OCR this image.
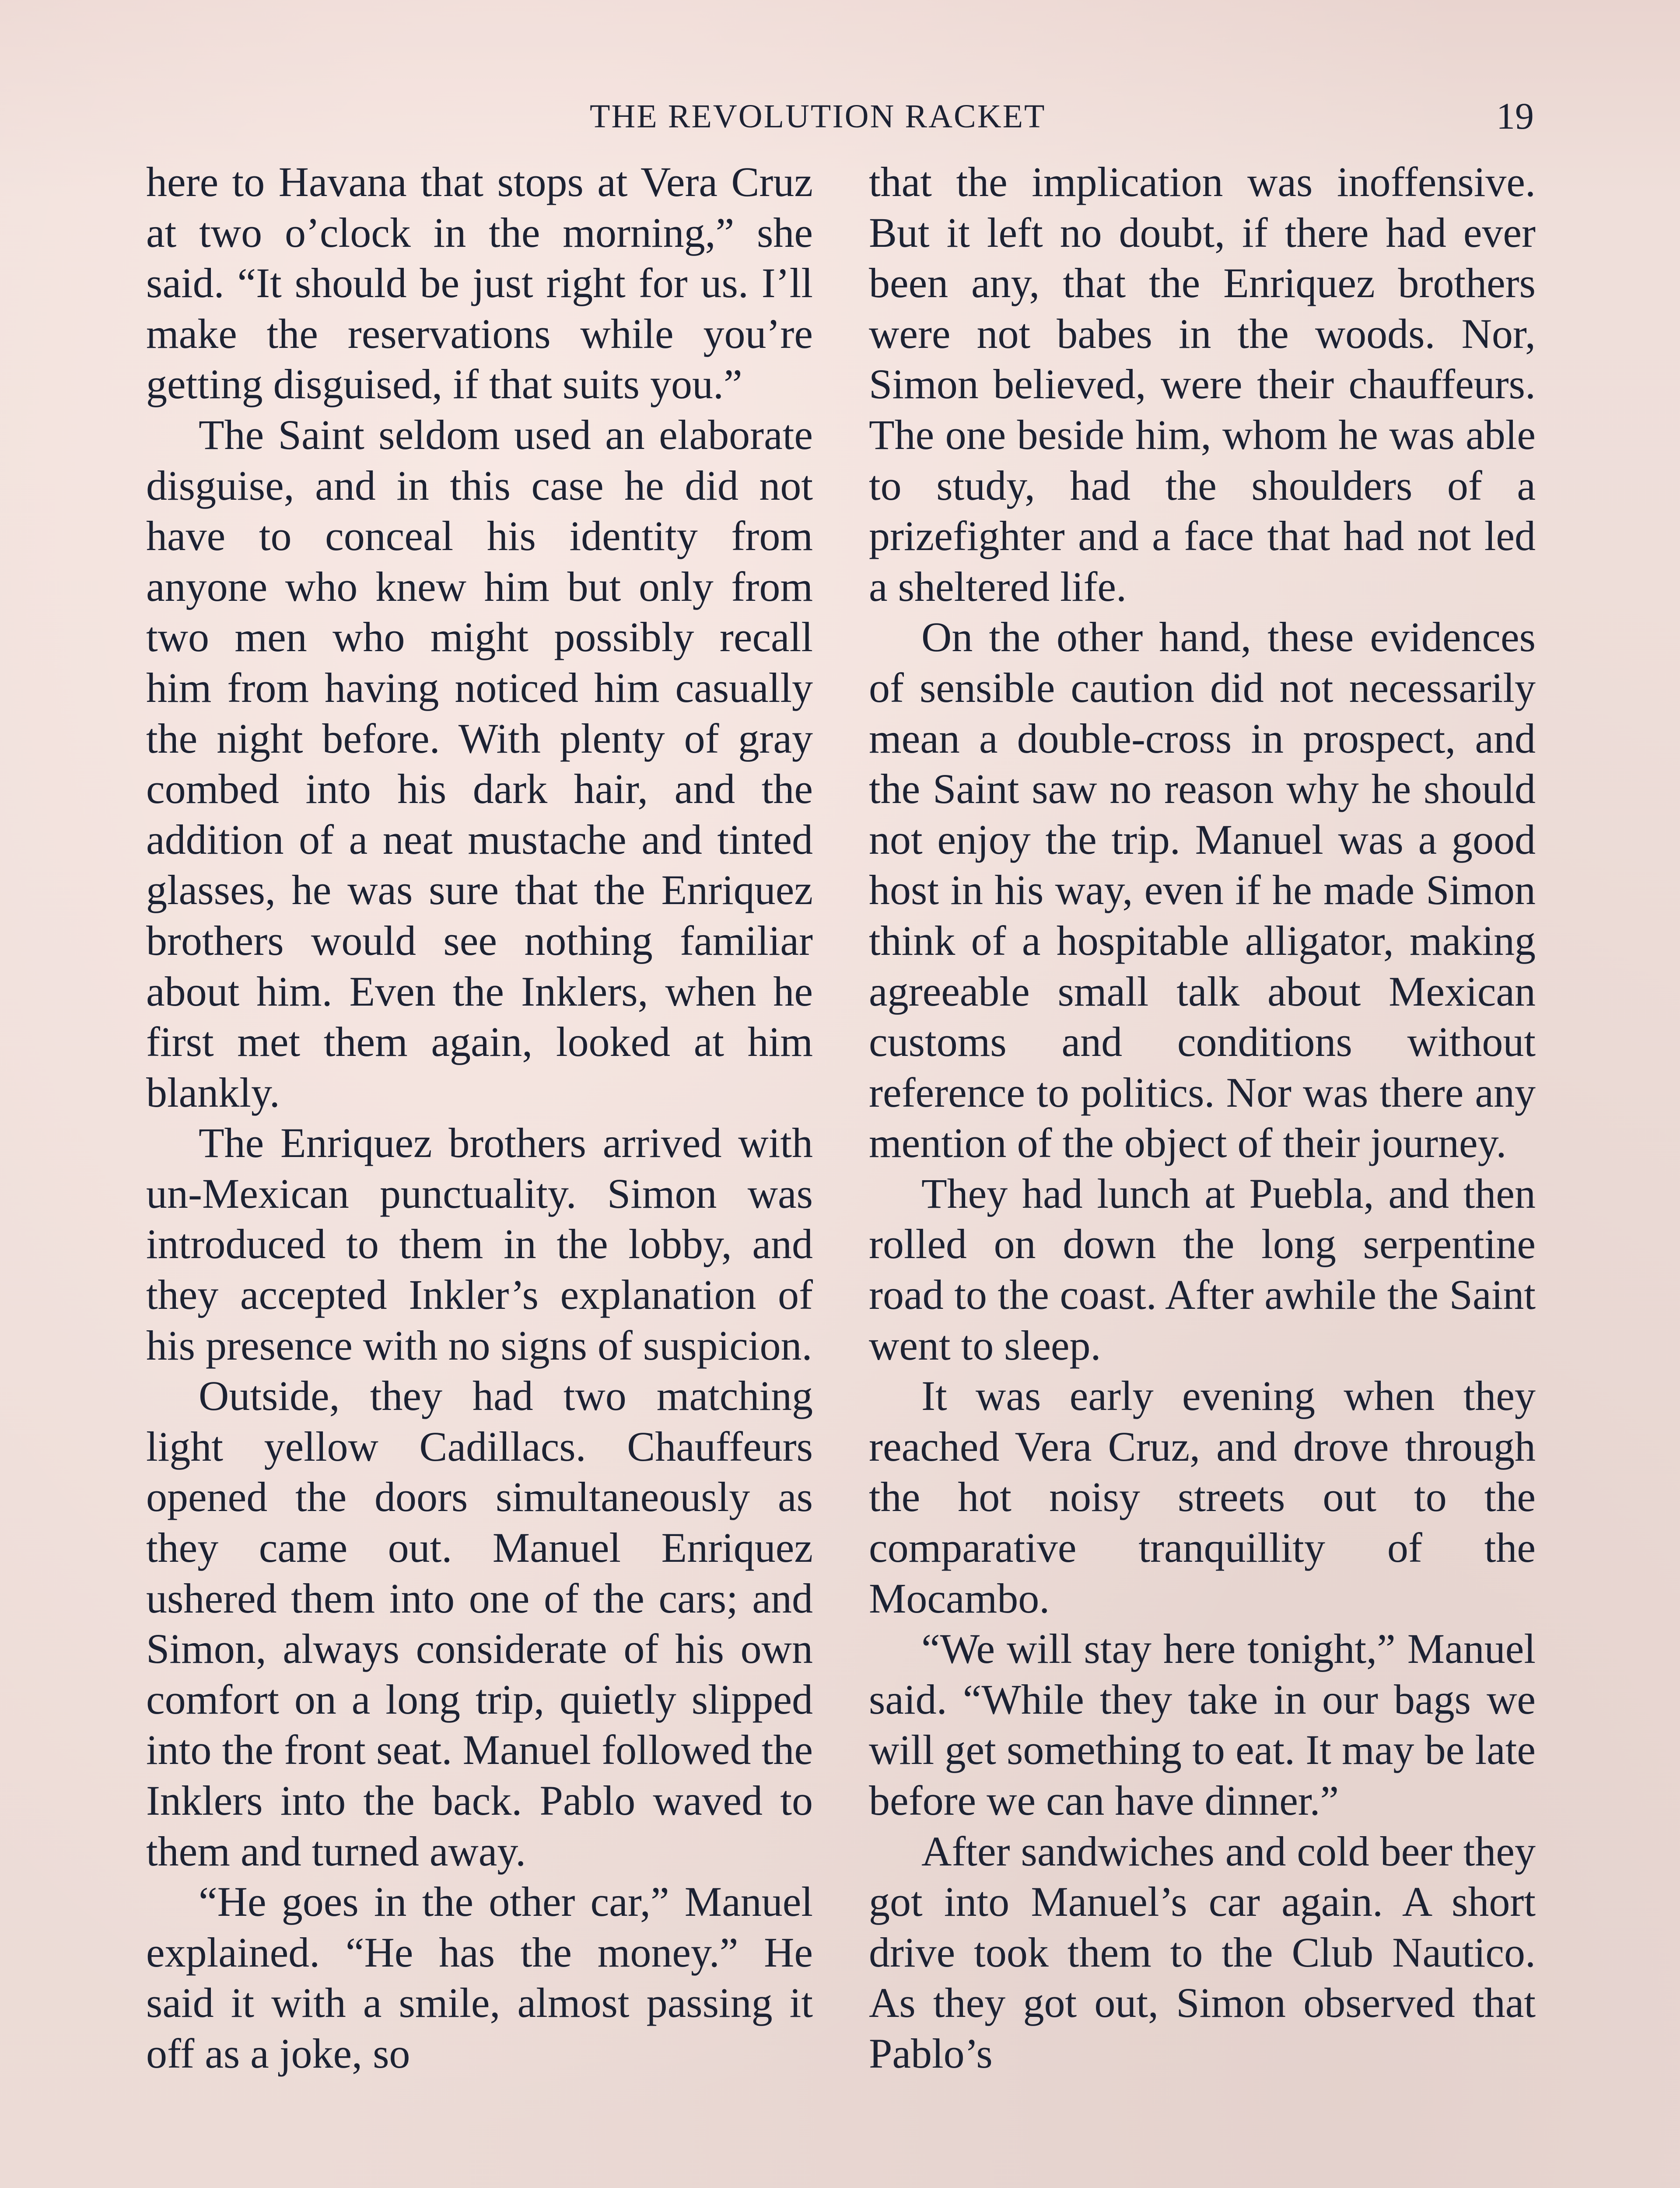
THE REVOLUTION RACKET	19

here to Havana that stops at Vera Cruz at two o’clock in the morning,” she said. “It should be just right for us. I’ll make the reservations while you’re getting disguised, if that suits you.”

The Saint seldom used an elaborate disguise, and in this case he did not have to conceal his identity from anyone who knew him but only from two men who might possibly recall him from having noticed him casually the night before. With plenty of gray combed into his dark hair, and the addition of a neat mustache and tinted glasses, he was sure that the Enriquez brothers would see nothing familiar about him. Even the Inklers, when he first met them again, looked at him blankly.

The Enriquez brothers arrived with un-Mexican punctuality. Simon was introduced to them in the lobby, and they accepted Inkler’s explanation of his presence with no signs of suspicion.

Outside, they had two matching light yellow Cadillacs. Chauffeurs opened the doors simultaneously as they came out. Manuel Enriquez ushered them into one of the cars; and Simon, always considerate of his own comfort on a long trip, quietly slipped into the front seat. Manuel followed the Inklers into the back. Pablo waved to them and turned away.

“He goes in the other car,” Manuel explained. “He has the money.” He said it with a smile, almost passing it off as a joke, so

that the implication was inoffensive. But it left no doubt, if there had ever been any, that the Enriquez brothers were not babes in the woods. Nor, Simon believed, were their chauffeurs. The one beside him, whom he was able to study, had the shoulders of a prizefighter and a face that had not led a sheltered life.

On the other hand, these evidences of sensible caution did not necessarily mean a double-cross in prospect, and the Saint saw no reason why he should not enjoy the trip. Manuel was a good host in his way, even if he made Simon think of a hospitable alligator, making agreeable small talk about Mexican customs and conditions without reference to politics. Nor was there any mention of the object of their journey.

They had lunch at Puebla, and then rolled on down the long serpentine road to the coast. After awhile the Saint went to sleep.

It was early evening when they reached Vera Cruz, and drove through the hot noisy streets out to the comparative tranquillity of the Mocambo.

“We will stay here tonight,” Manuel said. “While they take in our bags we will get something to eat. It may be late before we can have dinner.”

After sandwiches and cold beer they got into Manuel’s car again. A short drive took them to the Club Nautico. As they got out, Simon observed that Pablo’s
